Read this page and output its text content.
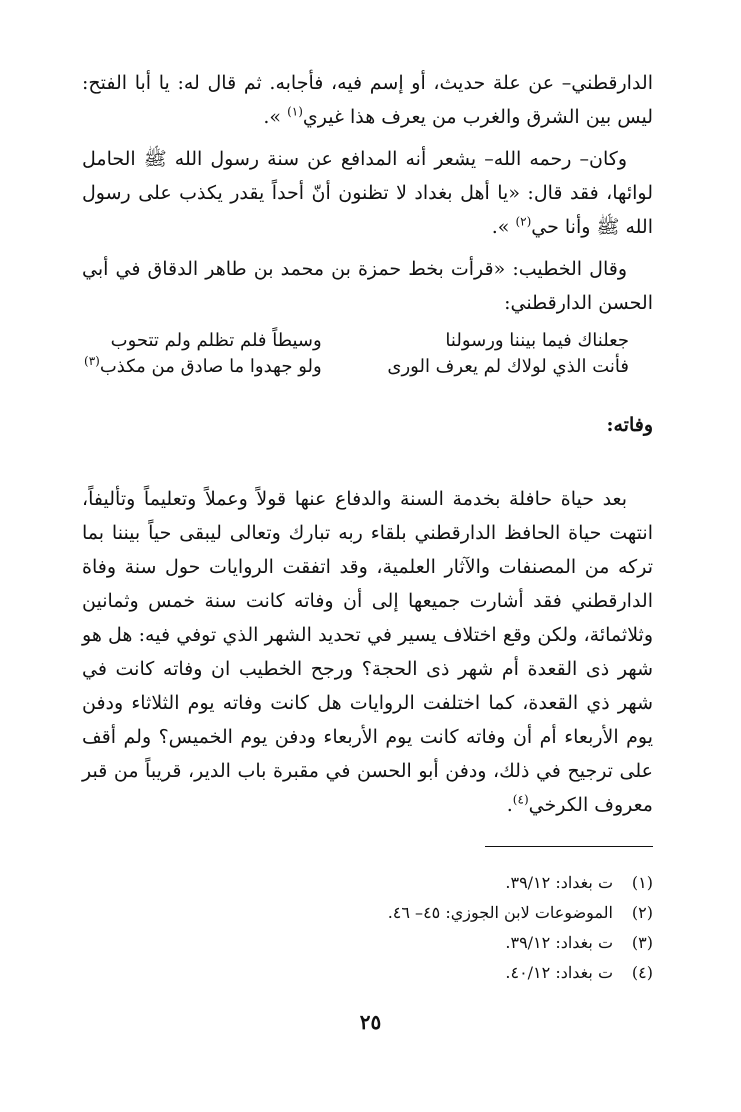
الدارقطني– عن علة حديث، أو إسم فيه، فأجابه. ثم قال له: يا أبا الفتح: ليس بين الشرق والغرب من يعرف هذا غيري$^{(١)}$ ».

وكان– رحمه الله– يشعر أنه المدافع عن سنة رسول الله ﷺ الحامل لوائها، فقد قال: «يا أهل بغداد لا تظنون أنّ أحداً يقدر يكذب على رسول الله ﷺ وأنا حي$^{(٢)}$ ».

وقال الخطيب: «قرأت بخط حمزة بن محمد بن طاهر الدقاق في أبي الحسن الدارقطني:

جعلناك فيما بيننا ورسولنا
فأنت الذي لولاك لم يعرف الورى
وسيطاً فلم تظلم ولم تتحوب
ولو جهدوا ما صادق من مكذب$^{(٣)}$

وفاته:

بعد حياة حافلة بخدمة السنة والدفاع عنها قولاً وعملاً وتعليماً وتأليفاً، انتهت حياة الحافظ الدارقطني بلقاء ربه تبارك وتعالى ليبقى حياً بيننا بما تركه من المصنفات والآثار العلمية، وقد اتفقت الروايات حول سنة وفاة الدارقطني فقد أشارت جميعها إلى أن وفاته كانت سنة خمس وثمانين وثلاثمائة، ولكن وقع اختلاف يسير في تحديد الشهر الذي توفي فيه: هل هو شهر ذى القعدة أم شهر ذى الحجة؟ ورجح الخطيب ان وفاته كانت في شهر ذي القعدة، كما اختلفت الروايات هل كانت وفاته يوم الثلاثاء ودفن يوم الأربعاء أم أن وفاته كانت يوم الأربعاء ودفن يوم الخميس؟ ولم أقف على ترجيح في ذلك، ودفن أبو الحسن في مقبرة باب الدير، قريباً من قبر معروف الكرخي$^{(٤)}$.

(١)
ت بغداد: ٣٩/١٢.
(٢)
الموضوعات لابن الجوزي: ٤٥– ٤٦.
(٣)
ت بغداد: ٣٩/١٢.
(٤)
ت بغداد: ٤٠/١٢.
٢٥
